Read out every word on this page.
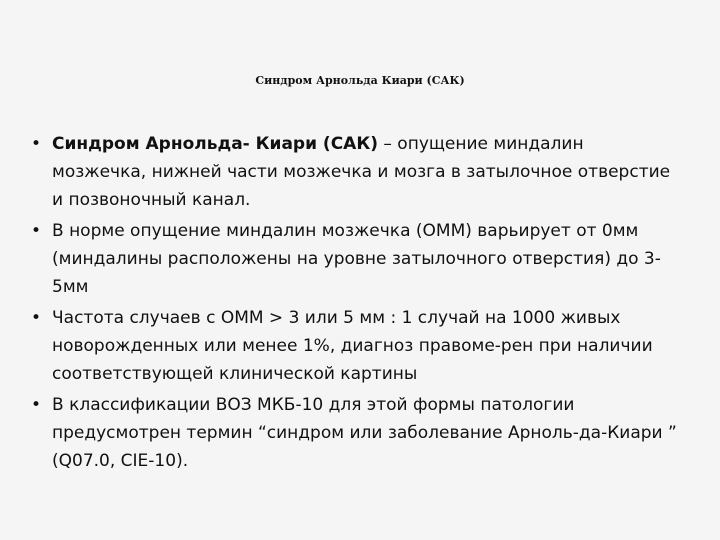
Синдром Арнольда Киари (САК)
• Синдром Арнольда- Киари (САК) – опущение миндалин мозжечка, нижней части мозжечка и мозга в затылочное отверстие и позвоночный канал.
• В норме опущение миндалин мозжечка (ОММ) варьирует от 0мм (миндалины расположены на уровне затылочного отверстия) до 3-5мм
• Частота случаев с ОММ > 3 или 5 мм : 1 случай на 1000 живых новорожденных или менее 1%, диагноз правоме-рен при наличии соответствующей клинической картины
• В классификации ВОЗ МКБ-10 для этой формы патологии предусмотрен термин “синдром или заболевание Арноль-да-Киари ” (Q07.0, CIE-10).
